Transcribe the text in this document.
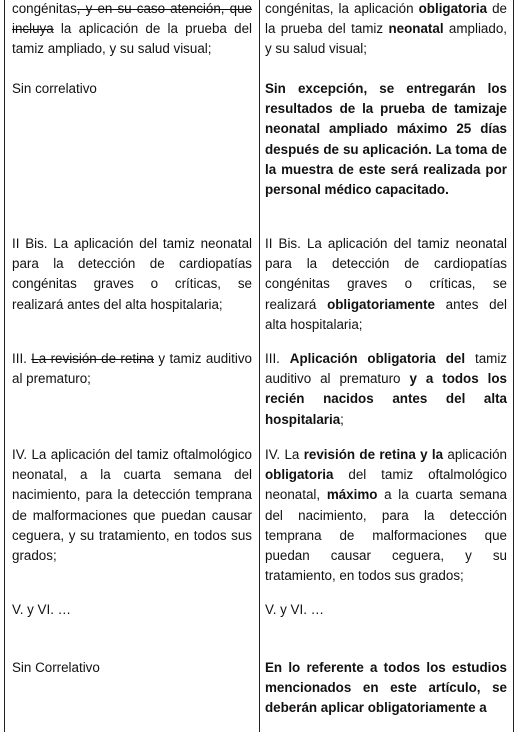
congénitas, y en su caso atención, que incluya la aplicación de la prueba del tamiz ampliado, y su salud visual;

Sin correlativo

II Bis. La aplicación del tamiz neonatal para la detección de cardiopatías congénitas graves o críticas, se realizará antes del alta hospitalaria;

III. La revisión de retina y tamiz auditivo al prematuro;

IV. La aplicación del tamiz oftalmológico neonatal, a la cuarta semana del nacimiento, para la detección temprana de malformaciones que puedan causar ceguera, y su tratamiento, en todos sus grados;

V. y VI. …

Sin Correlativo

congénitas, la aplicación obligatoria de la prueba del tamiz neonatal ampliado, y su salud visual;

Sin excepción, se entregarán los resultados de la prueba de tamizaje neonatal ampliado máximo 25 días después de su aplicación. La toma de la muestra de este será realizada por personal médico capacitado.

II Bis. La aplicación del tamiz neonatal para la detección de cardiopatías congénitas graves o críticas, se realizará obligatoriamente antes del alta hospitalaria;

III. Aplicación obligatoria del tamiz auditivo al prematuro y a todos los recién nacidos antes del alta hospitalaria;

IV. La revisión de retina y la aplicación obligatoria del tamiz oftalmológico neonatal, máximo a la cuarta semana del nacimiento, para la detección temprana de malformaciones que puedan causar ceguera, y su tratamiento, en todos sus grados;

V. y VI. …

En lo referente a todos los estudios mencionados en este artículo, se deberán aplicar obligatoriamente a
